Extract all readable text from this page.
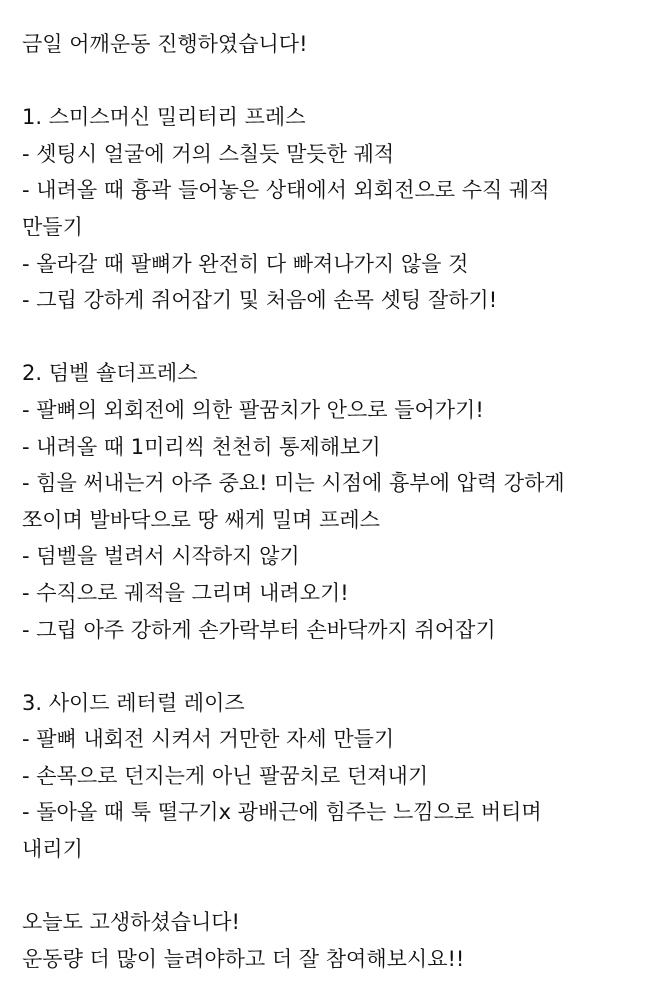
금일 어깨운동 진행하였습니다!
1. 스미스머신 밀리터리 프레스
- 셋팅시 얼굴에 거의 스칠듯 말듯한 궤적
- 내려올 때 흉곽 들어놓은 상태에서 외회전으로 수직 궤적
만들기
- 올라갈 때 팔뼈가 완전히 다 빠져나가지 않을 것
- 그립 강하게 쥐어잡기 및 처음에 손목 셋팅 잘하기!
2. 덤벨 숄더프레스
- 팔뼈의 외회전에 의한 팔꿈치가 안으로 들어가기!
- 내려올 때 1미리씩 천천히 통제해보기
- 힘을 써내는거 아주 중요! 미는 시점에 흉부에 압력 강하게
쪼이며 발바닥으로 땅 쌔게 밀며 프레스
- 덤벨을 벌려서 시작하지 않기
- 수직으로 궤적을 그리며 내려오기!
- 그립 아주 강하게 손가락부터 손바닥까지 쥐어잡기
3. 사이드 레터럴 레이즈
- 팔뼈 내회전 시켜서 거만한 자세 만들기
- 손목으로 던지는게 아닌 팔꿈치로 던져내기
- 돌아올 때 툭 떨구기x 광배근에 힘주는 느낌으로 버티며
내리기
오늘도 고생하셨습니다!
운동량 더 많이 늘려야하고 더 잘 참여해보시요!!
